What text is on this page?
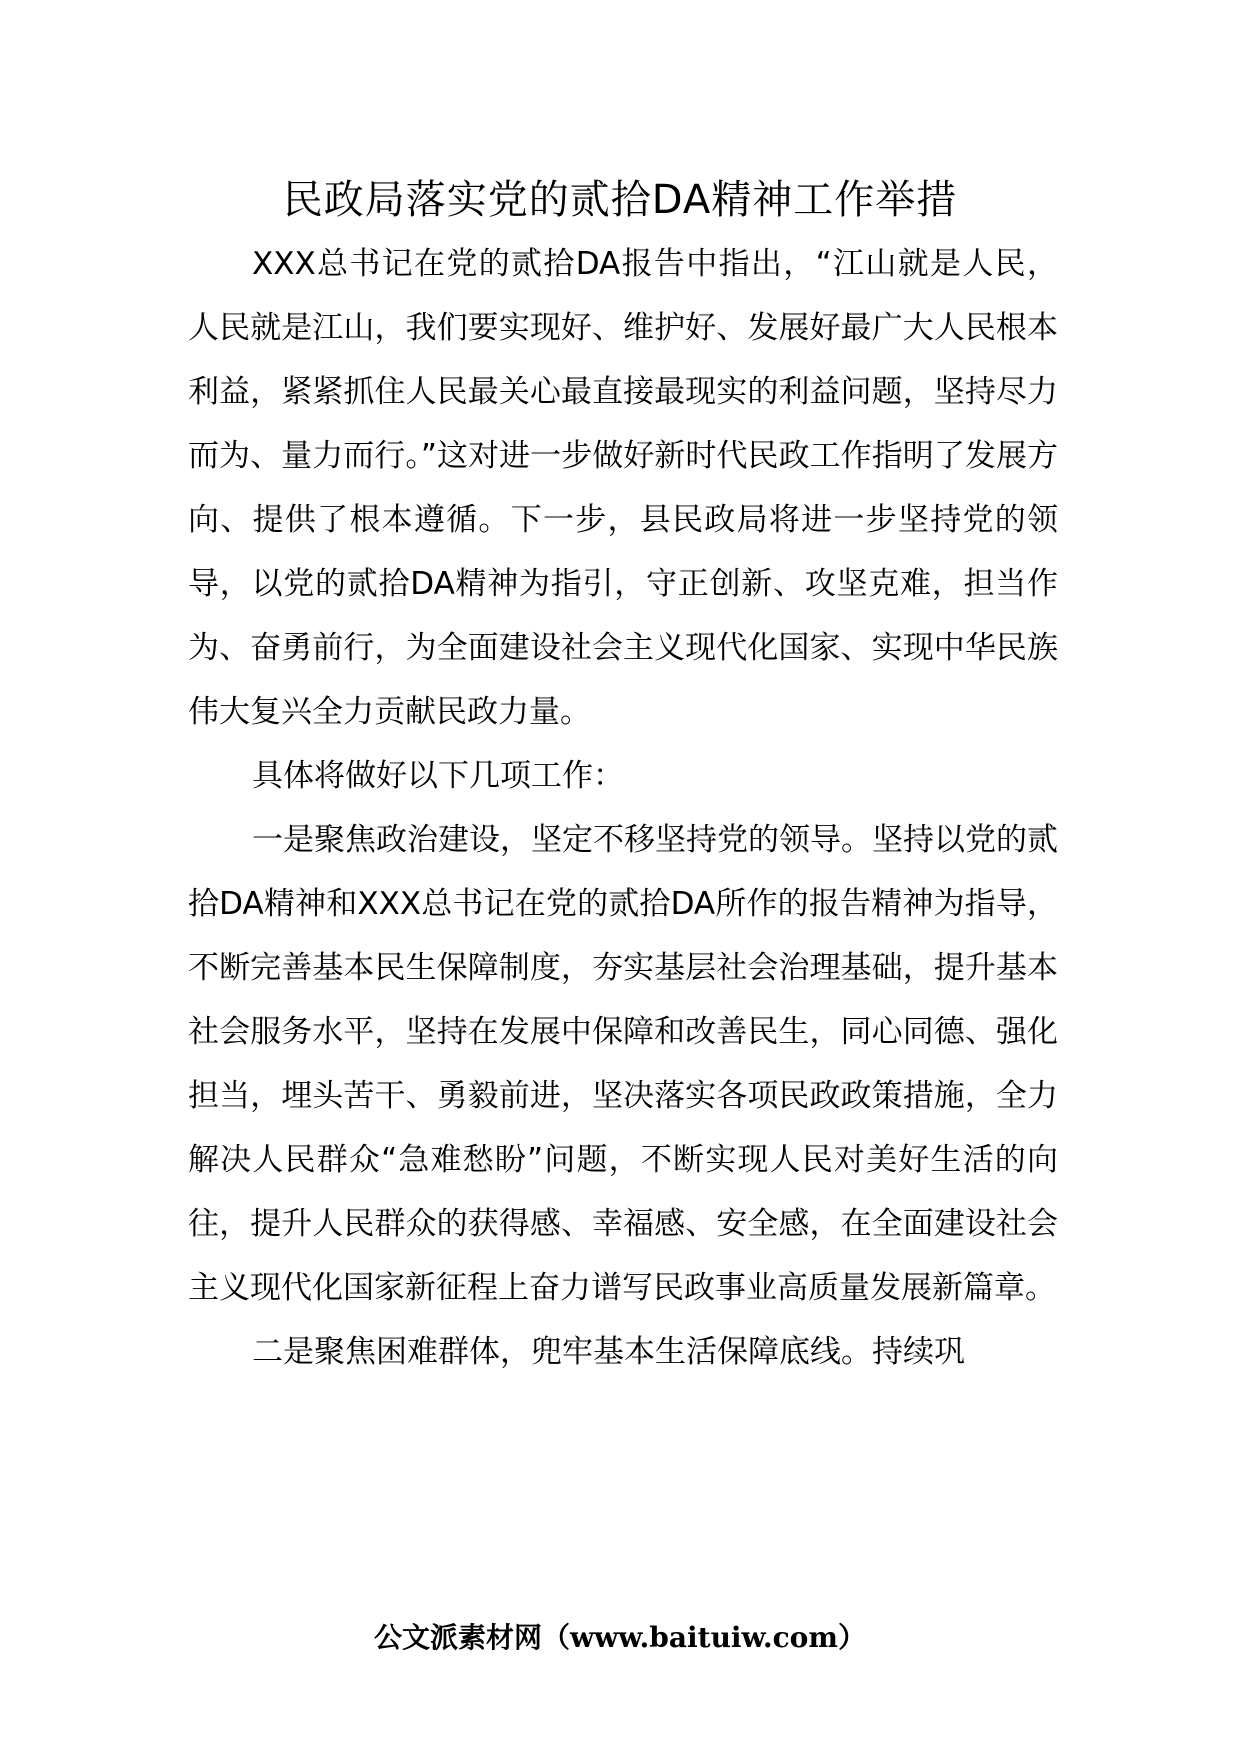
民政局落实党的贰拾DA精神工作举措

XXX总书记在党的贰拾DA报告中指出，“江山就是人民，人民就是江山，我们要实现好、维护好、发展好最广大人民根本利益，紧紧抓住人民最关心最直接最现实的利益问题，坚持尽力而为、量力而行。”这对进一步做好新时代民政工作指明了发展方向、提供了根本遵循。下一步，县民政局将进一步坚持党的领导，以党的贰拾DA精神为指引，守正创新、攻坚克难，担当作为、奋勇前行，为全面建设社会主义现代化国家、实现中华民族伟大复兴全力贡献民政力量。

具体将做好以下几项工作：

一是聚焦政治建设，坚定不移坚持党的领导。坚持以党的贰拾DA精神和XXX总书记在党的贰拾DA所作的报告精神为指导，不断完善基本民生保障制度，夯实基层社会治理基础，提升基本社会服务水平，坚持在发展中保障和改善民生，同心同德、强化担当，埋头苦干、勇毅前进，坚决落实各项民政政策措施，全力解决人民群众“急难愁盼”问题，不断实现人民对美好生活的向往，提升人民群众的获得感、幸福感、安全感，在全面建设社会主义现代化国家新征程上奋力谱写民政事业高质量发展新篇章。

二是聚焦困难群体，兜牢基本生活保障底线。持续巩

公文派素材网（www.baituiw.com）
